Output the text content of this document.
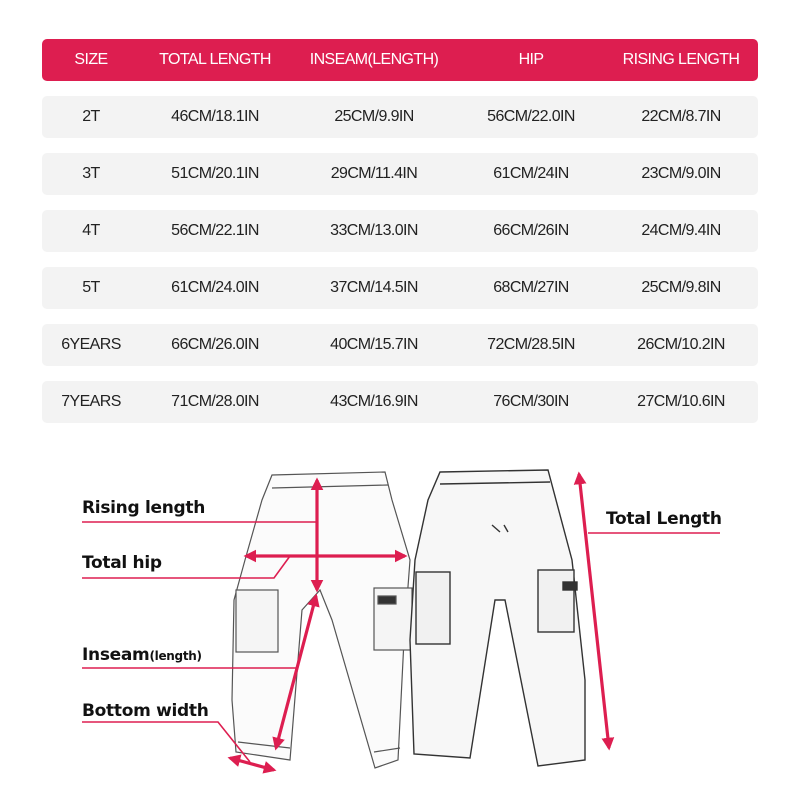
SIZE	TOTAL LENGTH	INSEAM(LENGTH)	HIP	RISING LENGTH
2T	46CM/18.1IN	25CM/9.9IN	56CM/22.0IN	22CM/8.7IN
3T	51CM/20.1IN	29CM/11.4IN	61CM/24IN	23CM/9.0IN
4T	56CM/22.1IN	33CM/13.0IN	66CM/26IN	24CM/9.4IN
5T	61CM/24.0IN	37CM/14.5IN	68CM/27IN	25CM/9.8IN
6YEARS	66CM/26.0IN	40CM/15.7IN	72CM/28.5IN	26CM/10.2IN
7YEARS	71CM/28.0IN	43CM/16.9IN	76CM/30IN	27CM/10.6IN
Rising length
Total hip
Inseam(length)
Bottom width
Total Length
